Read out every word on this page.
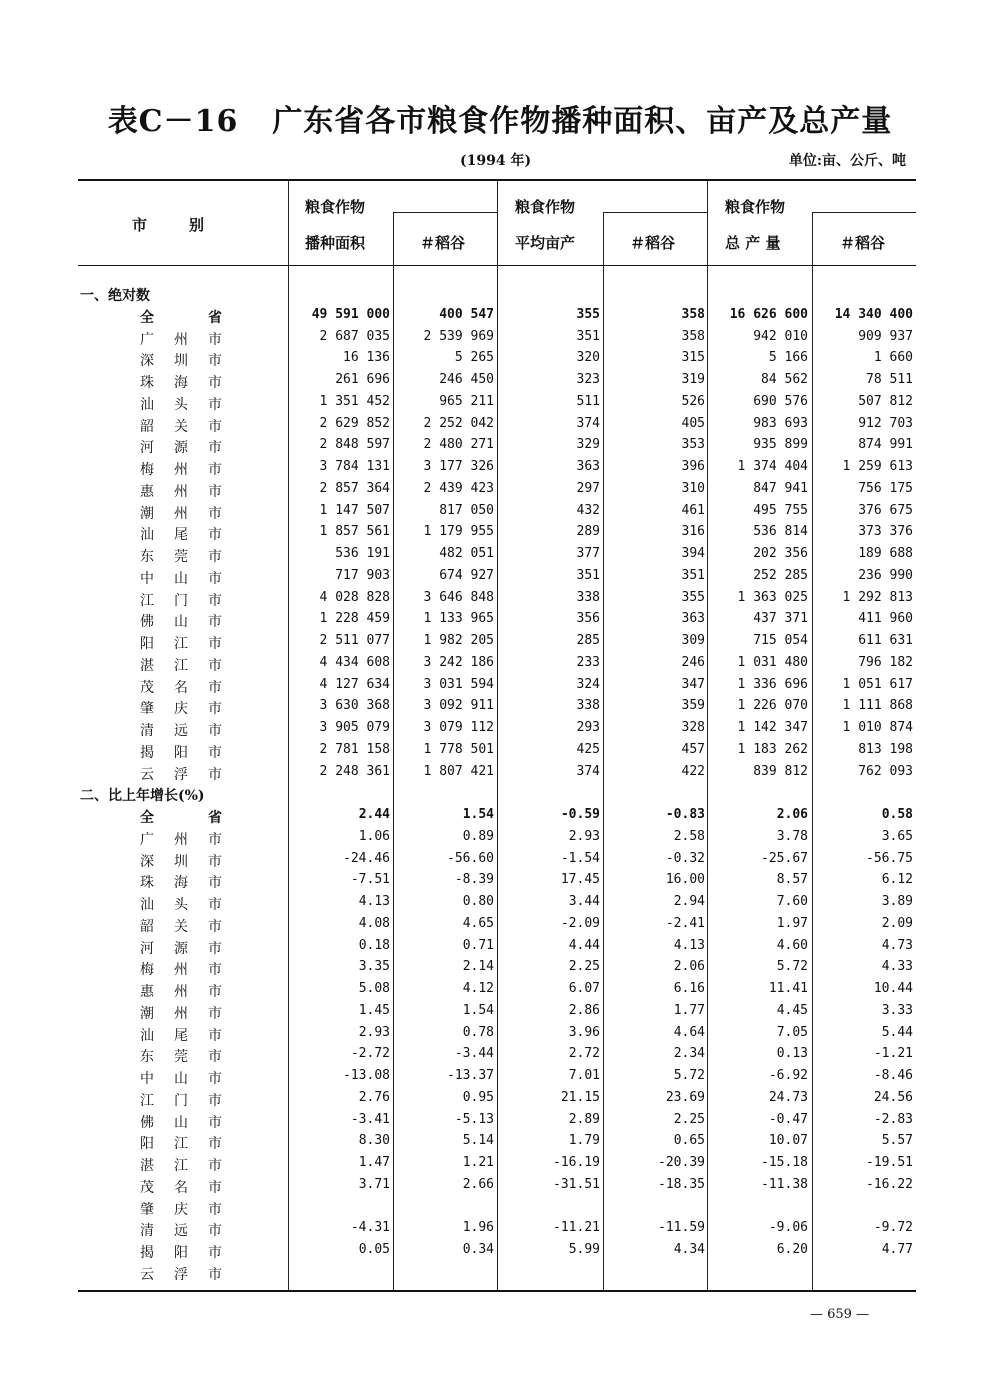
表C－16 广东省各市粮食作物播种面积、亩产及总产量
(1994 年)	单位:亩、公斤、吨
市　　别
粮食作物
播种面积	＃稻谷
粮食作物
平均亩产	＃稻谷
粮食作物
总 产 量	＃稻谷
一、绝对数
全	省	49 591 000	400 547	355	358	16 626 600	14 340 400
广 州 市	2 687 035	2 539 969	351	358	942 010	909 937
深 圳 市	16 136	5 265	320	315	5 166	1 660
珠 海 市	261 696	246 450	323	319	84 562	78 511
汕 头 市	1 351 452	965 211	511	526	690 576	507 812
韶 关 市	2 629 852	2 252 042	374	405	983 693	912 703
河 源 市	2 848 597	2 480 271	329	353	935 899	874 991
梅 州 市	3 784 131	3 177 326	363	396	1 374 404	1 259 613
惠 州 市	2 857 364	2 439 423	297	310	847 941	756 175
潮 州 市	1 147 507	817 050	432	461	495 755	376 675
汕 尾 市	1 857 561	1 179 955	289	316	536 814	373 376
东 莞 市	536 191	482 051	377	394	202 356	189 688
中 山 市	717 903	674 927	351	351	252 285	236 990
江 门 市	4 028 828	3 646 848	338	355	1 363 025	1 292 813
佛 山 市	1 228 459	1 133 965	356	363	437 371	411 960
阳 江 市	2 511 077	1 982 205	285	309	715 054	611 631
湛 江 市	4 434 608	3 242 186	233	246	1 031 480	796 182
茂 名 市	4 127 634	3 031 594	324	347	1 336 696	1 051 617
肇 庆 市	3 630 368	3 092 911	338	359	1 226 070	1 111 868
清 远 市	3 905 079	3 079 112	293	328	1 142 347	1 010 874
揭 阳 市	2 781 158	1 778 501	425	457	1 183 262	813 198
云 浮 市	2 248 361	1 807 421	374	422	839 812	762 093
二、比上年增长(%)
全	省	2.44	1.54	-0.59	-0.83	2.06	0.58
广 州 市	1.06	0.89	2.93	2.58	3.78	3.65
深 圳 市	-24.46	-56.60	-1.54	-0.32	-25.67	-56.75
珠 海 市	-7.51	-8.39	17.45	16.00	8.57	6.12
汕 头 市	4.13	0.80	3.44	2.94	7.60	3.89
韶 关 市	4.08	4.65	-2.09	-2.41	1.97	2.09
河 源 市	0.18	0.71	4.44	4.13	4.60	4.73
梅 州 市	3.35	2.14	2.25	2.06	5.72	4.33
惠 州 市	5.08	4.12	6.07	6.16	11.41	10.44
潮 州 市	1.45	1.54	2.86	1.77	4.45	3.33
汕 尾 市	2.93	0.78	3.96	4.64	7.05	5.44
东 莞 市	-2.72	-3.44	2.72	2.34	0.13	-1.21
中 山 市	-13.08	-13.37	7.01	5.72	-6.92	-8.46
江 门 市	2.76	0.95	21.15	23.69	24.73	24.56
佛 山 市	-3.41	-5.13	2.89	2.25	-0.47	-2.83
阳 江 市	8.30	5.14	1.79	0.65	10.07	5.57
湛 江 市	1.47	1.21	-16.19	-20.39	-15.18	-19.51
茂 名 市	3.71	2.66	-31.51	-18.35	-11.38	-16.22
肇 庆 市
清 远 市	-4.31	1.96	-11.21	-11.59	-9.06	-9.72
揭 阳 市	0.05	0.34	5.99	4.34	6.20	4.77
云 浮 市
— 659 —
